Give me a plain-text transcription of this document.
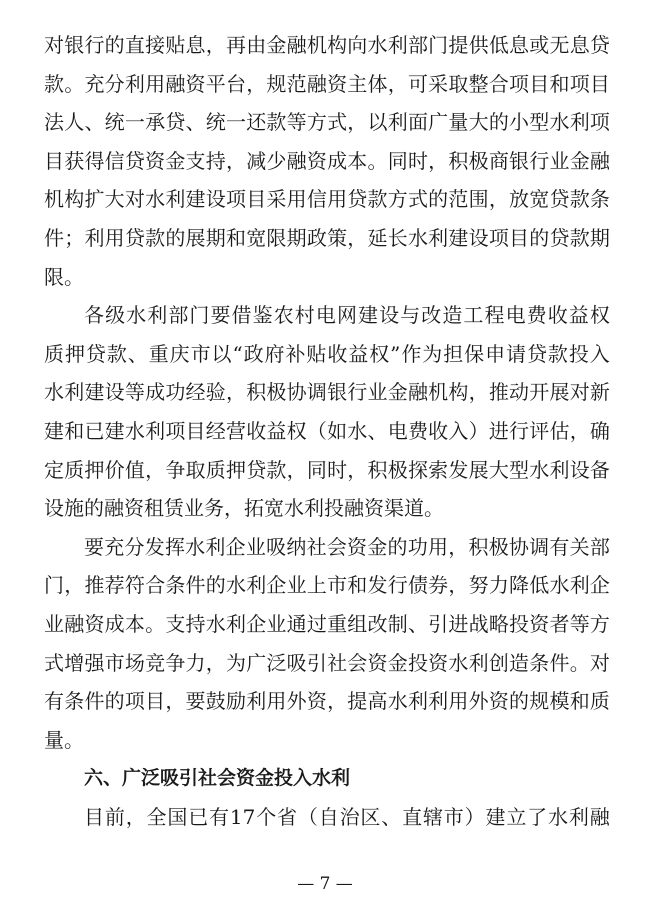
对 银 行 的 直 接 贴 息 ， 再 由 金 融 机 构 向 水 利 部 门 提 供 低 息 或 无 息 贷
款 。 充 分 利 用 融 资 平 台 ， 规 范 融 资 主 体 ， 可 采 取 整 合 项 目 和 项 目
法 人 、 统 一 承 贷 、 统 一 还 款 等 方 式 ， 以 利 面 广 量 大 的 小 型 水 利 项
目 获 得 信 贷 资 金 支 持 ， 减 少 融 资 成 本 。 同 时 ， 积 极 商 银 行 业 金 融
机 构 扩 大 对 水 利 建 设 项 目 采 用 信 用 贷 款 方 式 的 范 围 ， 放 宽 贷 款 条
件 ； 利 用 贷 款 的 展 期 和 宽 限 期 政 策 ， 延 长 水 利 建 设 项 目 的 贷 款 期
限。
各 级 水 利 部 门 要 借 鉴 农 村 电 网 建 设 与 改 造 工 程 电 费 收 益 权
质 押 贷 款 、 重 庆 市 以 “ 政 府 补 贴 收 益 权 ” 作 为 担 保 申 请 贷 款 投 入
水 利 建 设 等 成 功 经 验 ， 积 极 协 调 银 行 业 金 融 机 构 ， 推 动 开 展 对 新
建 和 已 建 水 利 项 目 经 营 收 益 权 （ 如 水 、 电 费 收 入 ） 进 行 评 估 ， 确
定 质 押 价 值 ， 争 取 质 押 贷 款 ， 同 时 ， 积 极 探 索 发 展 大 型 水 利 设 备
设施的融资租赁业务，拓宽水利投融资渠道。
要 充 分 发 挥 水 利 企 业 吸 纳 社 会 资 金 的 功 用 ， 积 极 协 调 有 关 部
门 ， 推 荐 符 合 条 件 的 水 利 企 业 上 市 和 发 行 债 券 ， 努 力 降 低 水 利 企
业 融 资 成 本 。 支 持 水 利 企 业 通 过 重 组 改 制 、 引 进 战 略 投 资 者 等 方
式 增 强 市 场 竞 争 力 ， 为 广 泛 吸 引 社 会 资 金 投 资 水 利 创 造 条 件 。 对
有 条 件 的 项 目 ， 要 鼓 励 利 用 外 资 ， 提 高 水 利 利 用 外 资 的 规 模 和 质
量。
六、广泛吸引社会资金投入水利
目 前 ， 全 国 已 有 17 个 省 （ 自 治 区 、 直 辖 市 ） 建 立 了 水 利 融
— 7 —
